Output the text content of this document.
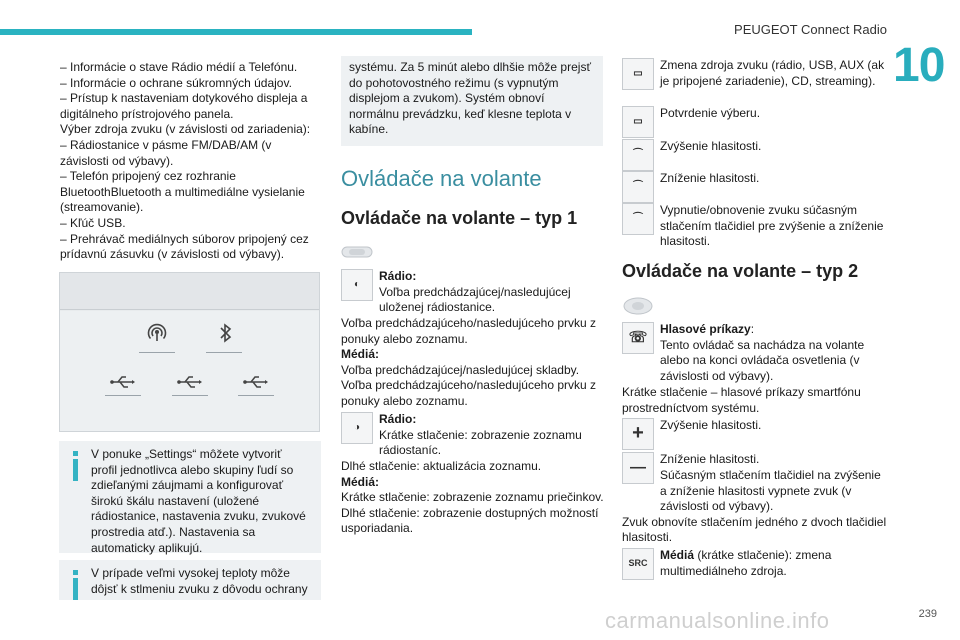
PEUGEOT Connect Radio
10

– Informácie o stave Rádio médií a Telefónu.

– Informácie o ochrane súkromných údajov.

– Prístup k nastaveniam dotykového displeja a digitálneho prístrojového panela.

Výber zdroja zvuku (v závislosti od zariadenia):

– Rádiostanice v pásme FM/DAB/AM (v závislosti od výbavy).

– Telefón pripojený cez rozhranie BluetoothBluetooth a multimediálne vysielanie (streamovanie).

– Kľúč USB.

– Prehrávač mediálnych súborov pripojený cez prídavnú zásuvku (v závislosti od výbavy).

V ponuke „Settings“ môžete vytvoriť profil jednotlivca alebo skupiny ľudí so zdieľanými záujmami a konfigurovať širokú škálu nastavení (uložené rádiostanice, nastavenia zvuku, zvukové prostredia atď.). Nastavenia sa automaticky aplikujú.
V prípade veľmi vysokej teploty môže dôjsť k stlmeniu zvuku z dôvodu ochrany
systému. Za 5 minút alebo dlhšie môže prejsť do pohotovostného režimu (s vypnutým displejom a zvukom). Systém obnoví normálnu prevádzku, keď klesne teplota v kabíne.
Ovládače na volante
Ovládače na volante – typ 1
◐
Rádio:
Voľba predchádzajúcej/nasledujúcej uloženej rádiostanice.

Voľba predchádzajúceho/nasledujúceho prvku z ponuky alebo zoznamu.

Médiá:

Voľba predchádzajúcej/nasledujúcej skladby.

Voľba predchádzajúceho/nasledujúceho prvku z ponuky alebo zoznamu.

◑
Rádio:
Krátke stlačenie: zobrazenie zoznamu rádiostaníc.

Dlhé stlačenie: aktualizácia zoznamu.

Médiá:

Krátke stlačenie: zobrazenie zoznamu priečinkov.

Dlhé stlačenie: zobrazenie dostupných možností usporiadania.

▭
Zmena zdroja zvuku (rádio, USB, AUX (ak je pripojené zariadenie), CD, streaming).
▭
Potvrdenie výberu.
⌒
Zvýšenie hlasitosti.
⌒
Zníženie hlasitosti.
⌒
Vypnutie/obnovenie zvuku súčasným stlačením tlačidiel pre zvýšenie a zníženie hlasitosti.
Ovládače na volante – typ 2
☏
Hlasové príkazy:
Tento ovládač sa nachádza na volante alebo na konci ovládača osvetlenia (v závislosti od výbavy).

Krátke stlačenie – hlasové príkazy smartfónu prostredníctvom systému.

+	Zvýšenie hlasitosti.
—
Zníženie hlasitosti.

Súčasným stlačením tlačidiel na zvýšenie a zníženie hlasitosti vypnete zvuk (v závislosti od výbavy).

Zvuk obnovíte stlačením jedného z dvoch tlačidiel hlasitosti.

SRC
Médiá (krátke stlačenie): zmena multimediálneho zdroja.
carmanualsonline.info	239
